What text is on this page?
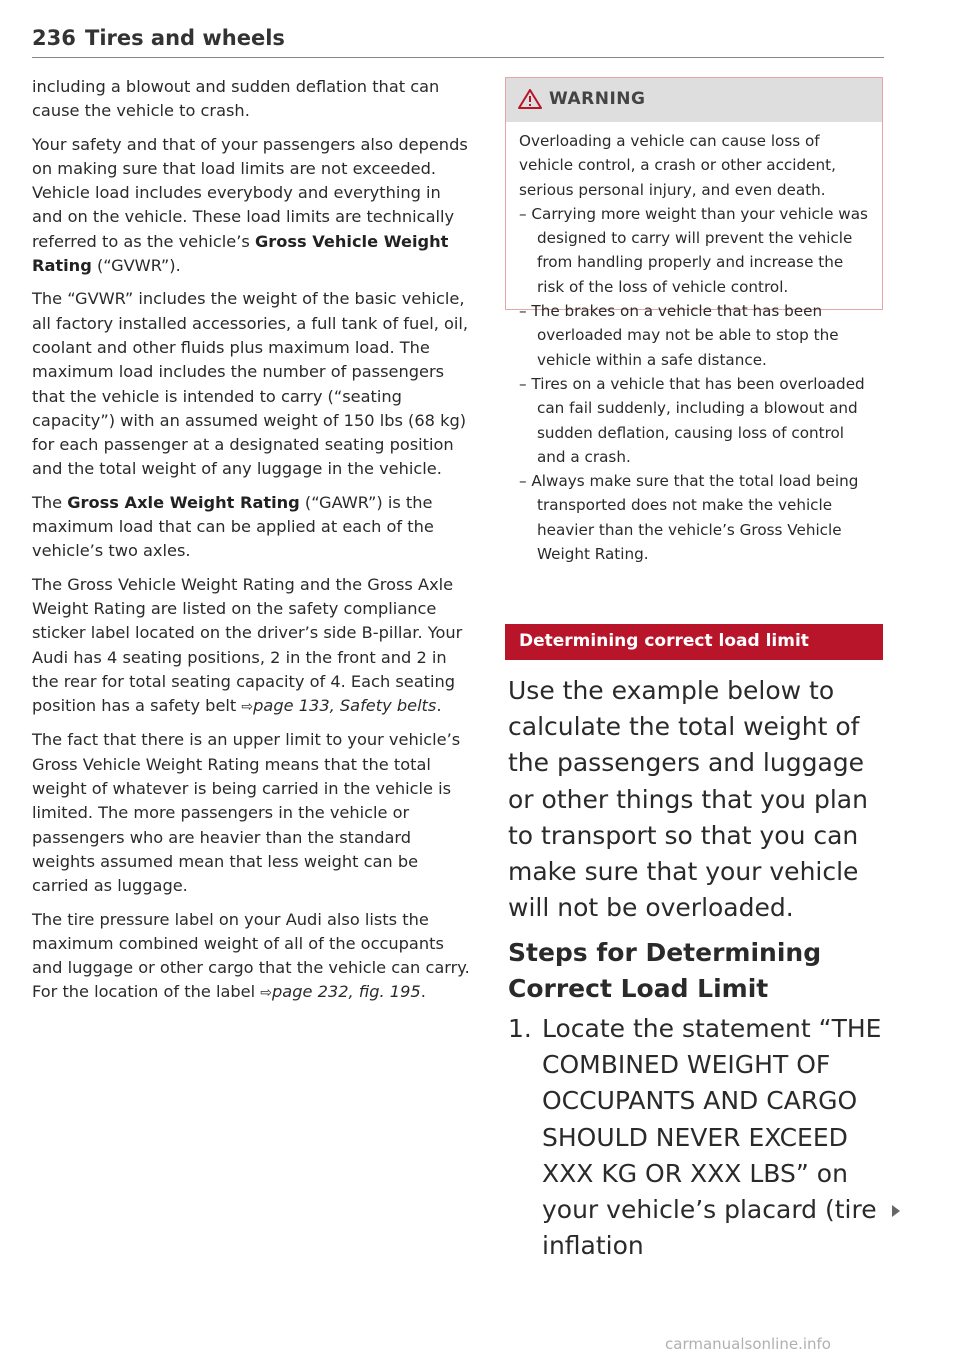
236 Tires and wheels

including a blowout and sudden deflation that can cause the vehicle to crash.

Your safety and that of your passengers also depends on making sure that load limits are not exceeded. Vehicle load includes everybody and everything in and on the vehicle. These load limits are technically referred to as the vehicle’s Gross Vehicle Weight Rating (“GVWR”).

The “GVWR” includes the weight of the basic vehicle, all factory installed accessories, a full tank of fuel, oil, coolant and other fluids plus maximum load. The maximum load includes the number of passengers that the vehicle is intended to carry (“seating capacity”) with an assumed weight of 150 lbs (68 kg) for each passenger at a designated seating position and the total weight of any luggage in the vehicle.

The Gross Axle Weight Rating (“GAWR”) is the maximum load that can be applied at each of the vehicle’s two axles.

The Gross Vehicle Weight Rating and the Gross Axle Weight Rating are listed on the safety compliance sticker label located on the driver’s side B-pillar. Your Audi has 4 seating positions, 2 in the front and 2 in the rear for total seating capacity of 4. Each seating position has a safety belt ⇨page 133, Safety belts.

The fact that there is an upper limit to your vehicle’s Gross Vehicle Weight Rating means that the total weight of whatever is being carried in the vehicle is limited. The more passengers in the vehicle or passengers who are heavier than the standard weights assumed mean that less weight can be carried as luggage.

The tire pressure label on your Audi also lists the maximum combined weight of all of the occupants and luggage or other cargo that the vehicle can carry. For the location of the label ⇨page 232, fig. 195.

WARNING

Overloading a vehicle can cause loss of vehicle control, a crash or other accident, serious personal injury, and even death.

– Carrying more weight than your vehicle was designed to carry will prevent the vehicle from handling properly and increase the risk of the loss of vehicle control.
– The brakes on a vehicle that has been overloaded may not be able to stop the vehicle within a safe distance.
– Tires on a vehicle that has been overloaded can fail suddenly, including a blowout and sudden deflation, causing loss of control and a crash.
– Always make sure that the total load being transported does not make the vehicle heavier than the vehicle’s Gross Vehicle Weight Rating.
Determining correct load limit

Use the example below to calculate the total weight of the passengers and luggage or other things that you plan to transport so that you can make sure that your vehicle will not be overloaded.

Steps for Determining Correct Load Limit
1. Locate the statement “THE COMBINED WEIGHT OF OCCUPANTS AND CARGO SHOULD NEVER EXCEED XXX KG OR XXX LBS” on your vehicle’s placard (tire inflation
carmanualsonline.info
